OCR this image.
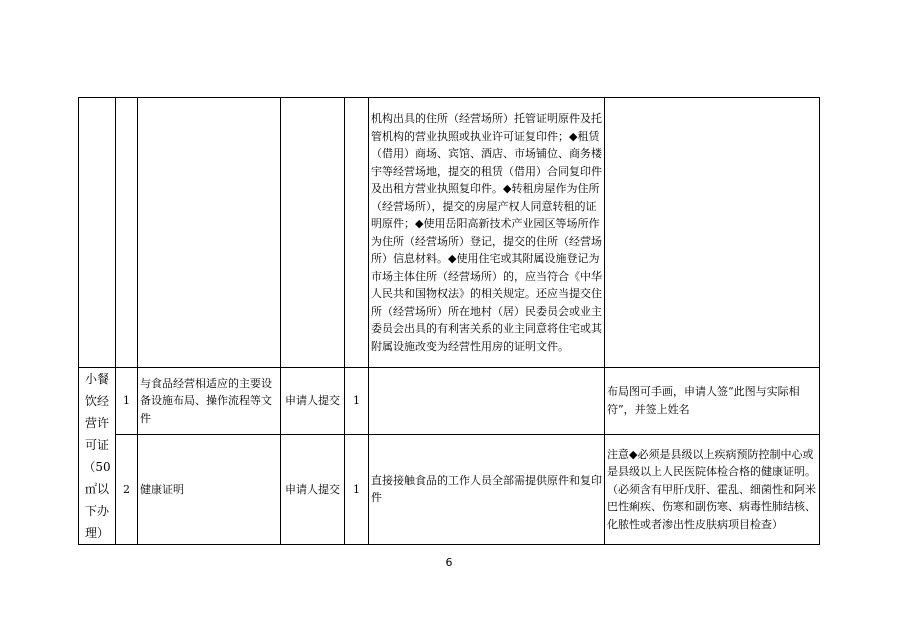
					机构出具的住所（经营场所）托管证明原件及托管机构的营业执照或执业许可证复印件；◆租赁（借用）商场、宾馆、酒店、市场铺位、商务楼宇等经营场地，提交的租赁（借用）合同复印件及出租方营业执照复印件。◆转租房屋作为住所（经营场所），提交的房屋产权人同意转租的证明原件；◆使用岳阳高新技术产业园区等场所作为住所（经营场所）登记，提交的住所（经营场所）信息材料。◆使用住宅或其附属设施登记为市场主体住所（经营场所）的，应当符合《中华人民共和国物权法》的相关规定。还应当提交住所（经营场所）所在地村（居）民委员会或业主委员会出具的有利害关系的业主同意将住宅或其附属设施改变为经营性用房的证明文件。	
小餐饮经营许可证（50㎡以下办理）	1	与食品经营相适应的主要设备设施布局、操作流程等文件	申请人提交	1		布局图可手画，申请人签“此图与实际相符”，并签上姓名
	2	健康证明	申请人提交	1	直接接触食品的工作人员全部需提供原件和复印件	注意◆必须是县级以上疾病预防控制中心或是县级以上人民医院体检合格的健康证明。（必须含有甲肝戊肝、霍乱、细菌性和阿米巴性痢疾、伤寒和副伤寒、病毒性肺结核、化脓性或者渗出性皮肤病项目检查）
6
